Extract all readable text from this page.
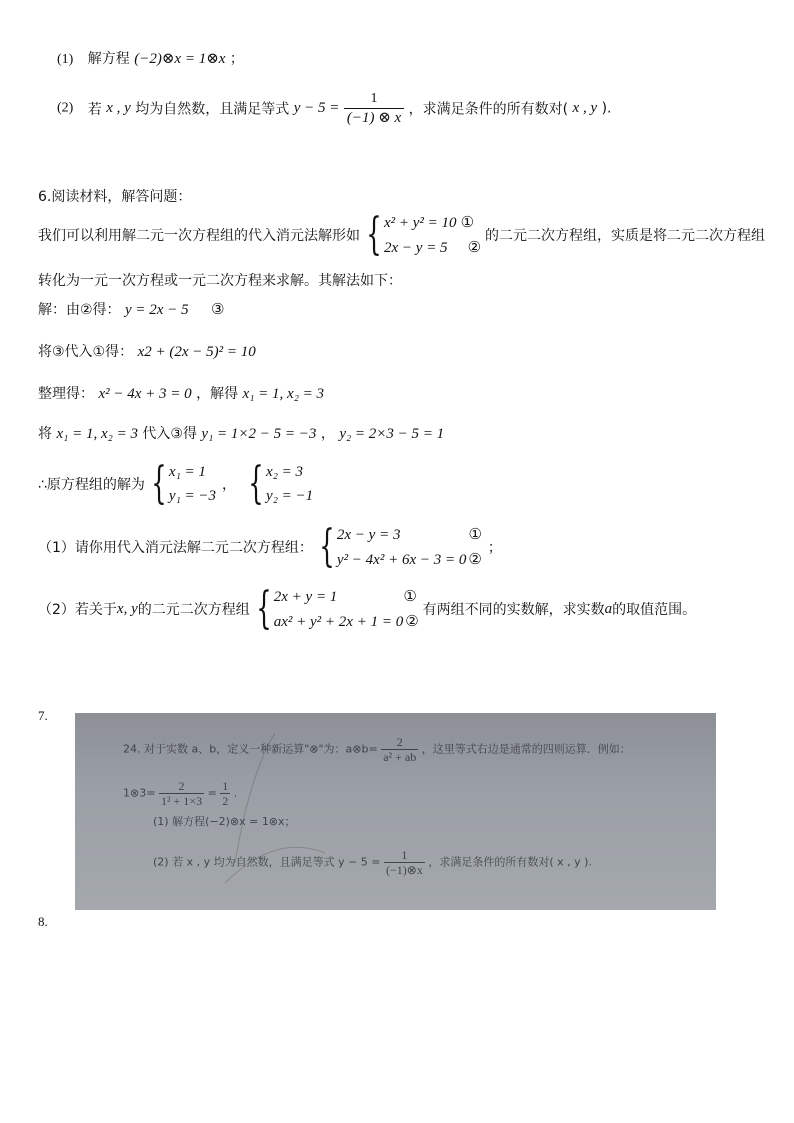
(1) 解方程 (−2)⊗x = 1⊗x ；
(2) 若 x , y 均为自然数，且满足等式 $y - 5 = \frac{1}{(-1) \otimes x}$ ，求满足条件的所有数对( x , y ).
6.阅读材料，解答问题：
我们可以利用解二元一次方程组的代入消元法解形如 { x² + y² = 10 ①
2x − y = 5 ②
的二元二次方程组，实质是将二元二次方程组
转化为一元一次方程或一元二次方程来求解。其解法如下：
解：由②得： y = 2x − 5 ③
将③代入①得： x2 + (2x − 5)² = 10
整理得： x² − 4x + 3 = 0 ，解得 x₁ = 1, x₂ = 3
将 x₁ = 1, x₂ = 3 代入③得 y₁ = 1×2 − 5 = −3 ， y₂ = 2×3 − 5 = 1
∴原方程组的解为 { x₁ = 1
y₁ = −3
， { x₂ = 3
y₂ = −1
（1）请你用代入消元法解二元二次方程组： { 2x − y = 3	①
y² − 4x² + 6x − 3 = 0 ②
；
（2）若关于 x, y 的二元二次方程组 { 2x + y = 1	①
ax² + y² + 2x + 1 = 0 ②
有两组不同的实数解，求实数 a 的取值范围。
7.
24. 对于实数 a、b，定义一种新运算"⊗"为：a⊗b= $\frac{2}{\text{a² + ab}}$ ，这里等式右边是通常的四则运算．例如：
1⊗3= $\frac{2}{\text{1² + 1×3}} = \frac{1}{2}$ .
(1) 解方程(−2)⊗x = 1⊗x；
(2) 若 x , y 均为自然数，且满足等式 $y - 5 = \frac{1}{(-1)\otimes x}$ ，求满足条件的所有数对( x , y ).
8.
